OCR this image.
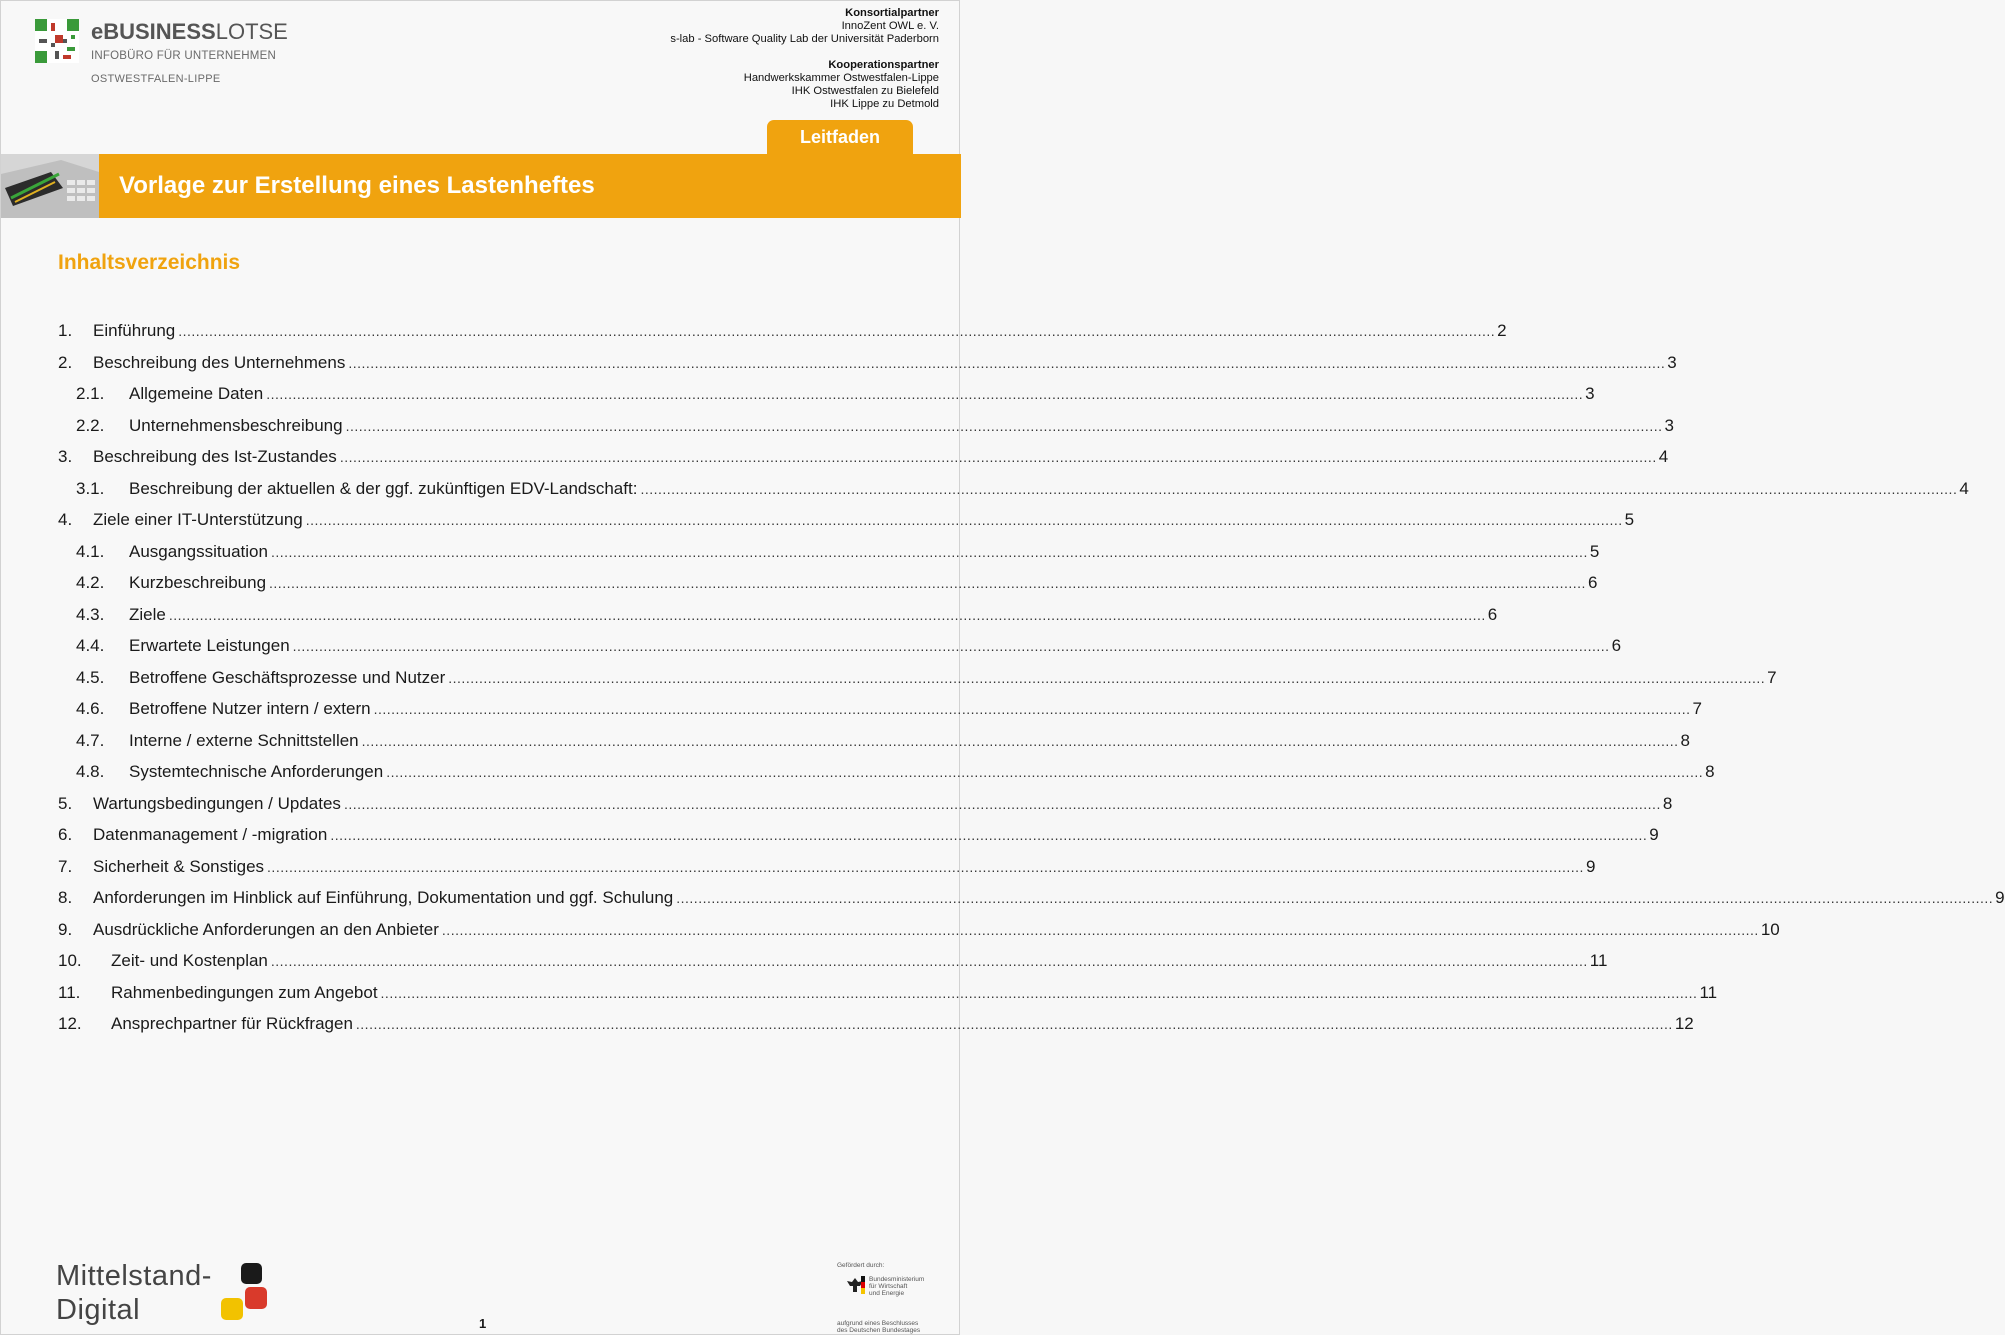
eBUSINESSLOTSE
INFOBÜRO FÜR UNTERNEHMEN
OSTWESTFALEN-LIPPE
Konsortialpartner
InnoZent OWL e. V.
s-lab - Software Quality Lab der Universität Paderborn
Kooperationspartner
Handwerkskammer Ostwestfalen-Lippe
IHK Ostwestfalen zu Bielefeld
IHK Lippe zu Detmold
Leitfaden
Vorlage zur Erstellung eines Lastenheftes
Inhaltsverzeichnis
1.	Einführung ............................................................................................................................................................................................................................................................................................................ 2
2.	Beschreibung des Unternehmens ............................................................................................................................................................................................................................................................................................................ 3
2.1.	Allgemeine Daten ............................................................................................................................................................................................................................................................................................................ 3
2.2.	Unternehmensbeschreibung ............................................................................................................................................................................................................................................................................................................ 3
3.	Beschreibung des Ist-Zustandes ............................................................................................................................................................................................................................................................................................................ 4
3.1.	Beschreibung der aktuellen & der ggf. zukünftigen EDV-Landschaft: ............................................................................................................................................................................................................................................................................................................ 4
4.	Ziele einer IT-Unterstützung ............................................................................................................................................................................................................................................................................................................ 5
4.1.	Ausgangssituation ............................................................................................................................................................................................................................................................................................................ 5
4.2.	Kurzbeschreibung ............................................................................................................................................................................................................................................................................................................ 6
4.3.	Ziele ............................................................................................................................................................................................................................................................................................................ 6
4.4.	Erwartete Leistungen ............................................................................................................................................................................................................................................................................................................ 6
4.5.	Betroffene Geschäftsprozesse und Nutzer ............................................................................................................................................................................................................................................................................................................ 7
4.6.	Betroffene Nutzer intern / extern ............................................................................................................................................................................................................................................................................................................ 7
4.7.	Interne / externe Schnittstellen ............................................................................................................................................................................................................................................................................................................ 8
4.8.	Systemtechnische Anforderungen ............................................................................................................................................................................................................................................................................................................ 8
5.	Wartungsbedingungen / Updates ............................................................................................................................................................................................................................................................................................................ 8
6.	Datenmanagement / -migration ............................................................................................................................................................................................................................................................................................................ 9
7.	Sicherheit & Sonstiges ............................................................................................................................................................................................................................................................................................................ 9
8.	Anforderungen im Hinblick auf Einführung, Dokumentation und ggf. Schulung ............................................................................................................................................................................................................................................................................................................ 9
9.	Ausdrückliche Anforderungen an den Anbieter ............................................................................................................................................................................................................................................................................................................ 10
10.	Zeit- und Kostenplan ............................................................................................................................................................................................................................................................................................................ 11
11.	Rahmenbedingungen zum Angebot ............................................................................................................................................................................................................................................................................................................ 11
12.	Ansprechpartner für Rückfragen ............................................................................................................................................................................................................................................................................................................ 12
Mittelstand-
Digital	1
Gefördert durch:
Bundesministerium
für Wirtschaft
und Energie
aufgrund eines Beschlusses
des Deutschen Bundestages
